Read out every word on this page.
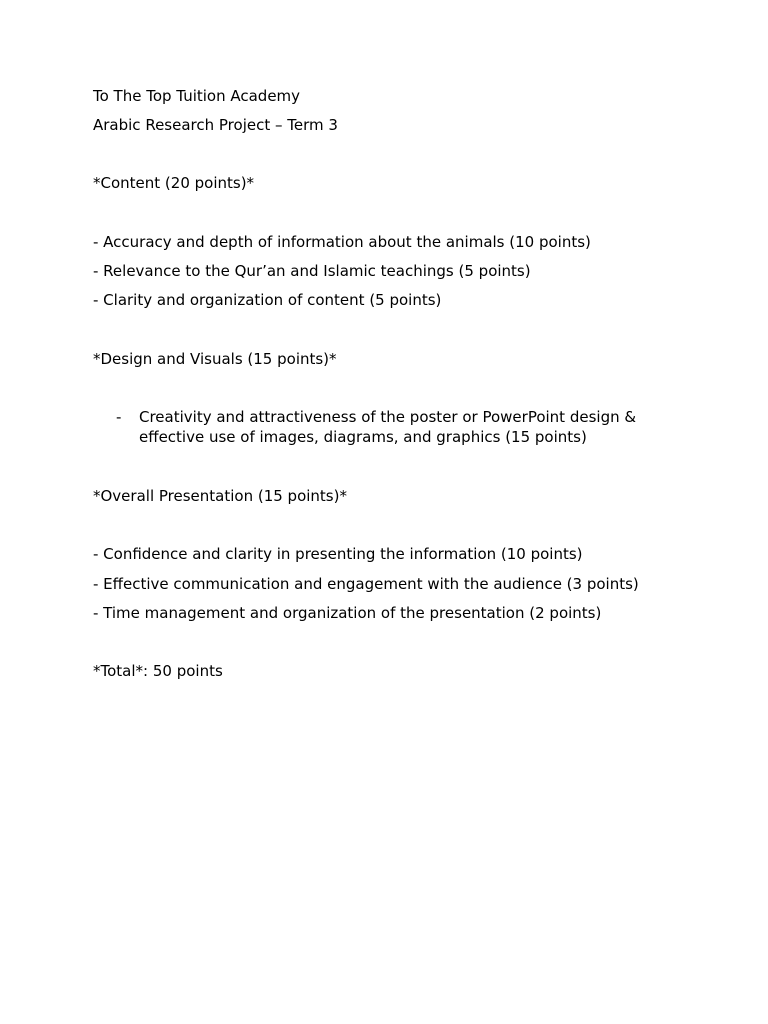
To The Top Tuition Academy
Arabic Research Project – Term 3
*Content (20 points)*
- Accuracy and depth of information about the animals (10 points)
- Relevance to the Qur’an and Islamic teachings (5 points)
- Clarity and organization of content (5 points)
*Design and Visuals (15 points)*
- Creativity and attractiveness of the poster or PowerPoint design & effective use of images, diagrams, and graphics (15 points)
*Overall Presentation (15 points)*
- Confidence and clarity in presenting the information (10 points)
- Effective communication and engagement with the audience (3 points)
- Time management and organization of the presentation (2 points)
*Total*: 50 points
